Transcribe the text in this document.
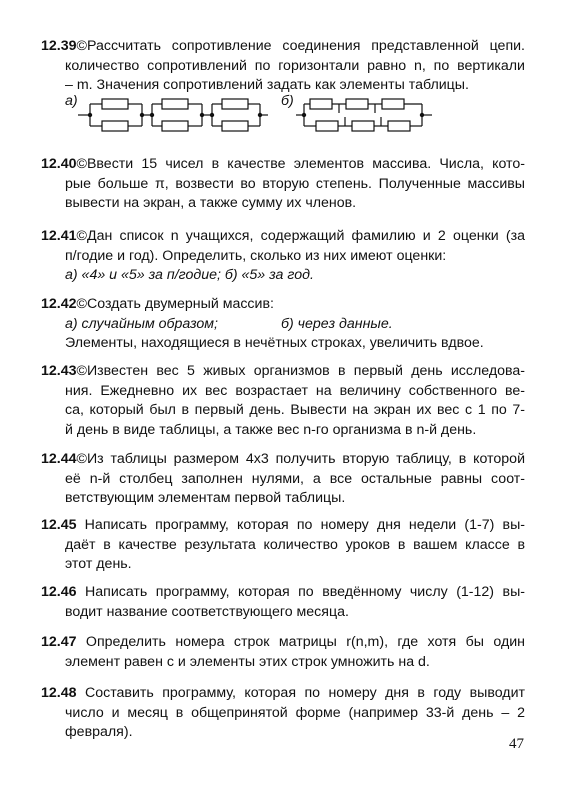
12.39©Рассчитать сопротивление соединения представленной цепи.
количество сопротивлений по горизонтали равно n, по вертикали
– m. Значения сопротивлений задать как элементы таблицы.
а)	б)
12.40©Ввести 15 чисел в качестве элементов массива. Числа, кото-
рые больше π, возвести во вторую степень. Полученные массивы
вывести на экран, а также сумму их членов.
12.41©Дан список n учащихся, содержащий фамилию и 2 оценки (за
п/годие и год). Определить, сколько из них имеют оценки:
а) «4» и «5» за п/годие; б) «5» за год.
12.42©Создать двумерный массив:
а) случайным образом;	б) через данные.
Элементы, находящиеся в нечётных строках, увеличить вдвое.
12.43©Известен вес 5 живых организмов в первый день исследова-
ния. Ежедневно их вес возрастает на величину собственного ве-
са, который был в первый день. Вывести на экран их вес с 1 по 7-
й день в виде таблицы, а также вес n-го организма в n-й день.
12.44©Из таблицы размером 4x3 получить вторую таблицу, в которой
её n-й столбец заполнен нулями, а все остальные равны соот-
ветствующим элементам первой таблицы.
12.45 Написать программу, которая по номеру дня недели (1-7) вы-
даёт в качестве результата количество уроков в вашем классе в
этот день.
12.46 Написать программу, которая по введённому числу (1-12) вы-
водит название соответствующего месяца.
12.47 Определить номера строк матрицы r(n,m), где хотя бы один
элемент равен с и элементы этих строк умножить на d.
12.48 Составить программу, которая по номеру дня в году выводит
число и месяц в общепринятой форме (например 33-й день – 2
февраля).
47
